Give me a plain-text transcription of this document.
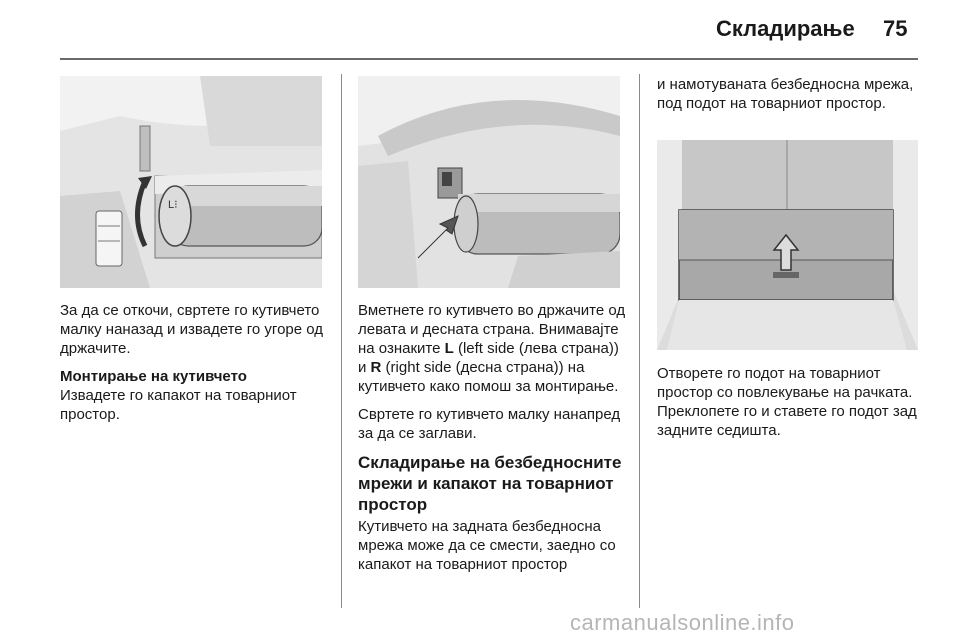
Складирање 75
L⁝

За да се откочи, свртете го кутивчето малку наназад и извадете го угоре од држачите.

Монтирање на кутивчето

Извадете го капакот на товарниот простор.

Вметнете го кутивчето во држачите од левата и десната страна. Внимавајте на ознаките L (left side (лева страна)) и R (right side (десна страна)) на кутивчето како помош за монтирање.

Свртете го кутивчето малку нанапред за да се заглави.

Складирање на безбедносните мрежи и капакот на товарниот простор

Кутивчето на задната безбедносна мрежа може да се смести, заедно со капакот на товарниот простор

и намотуваната безбедносна мрежа, под подот на товарниот простор.

Отворете го подот на товарниот простор со повлекување на рачката. Преклопете го и ставете го подот зад задните седишта.

carmanualsonline.info
